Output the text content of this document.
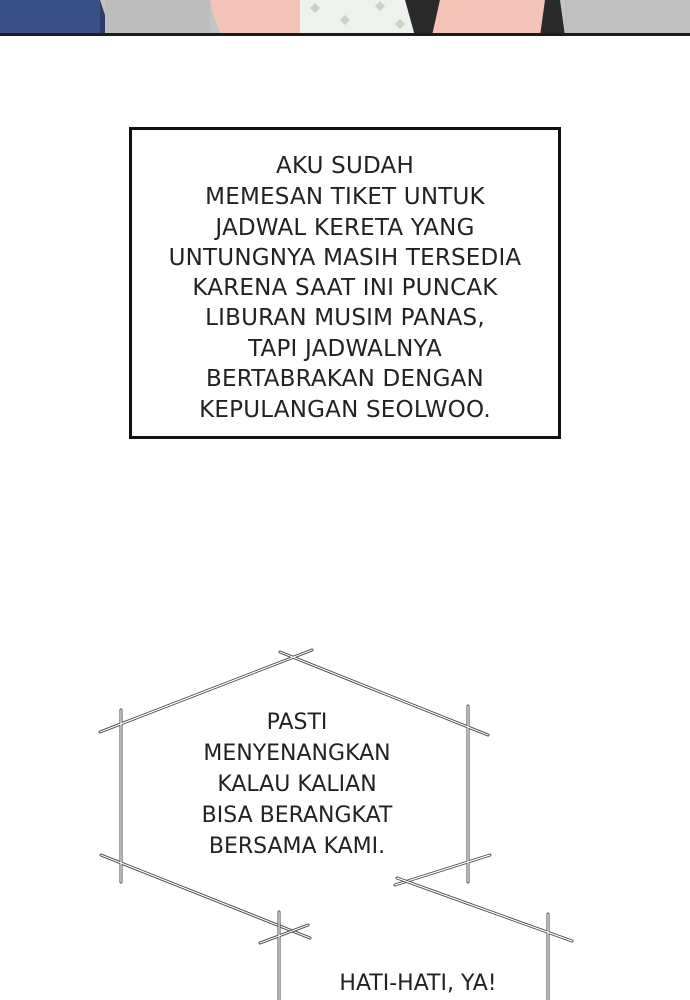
AKU SUDAH
MEMESAN TIKET UNTUK
JADWAL KERETA YANG
UNTUNGNYA MASIH TERSEDIA
KARENA SAAT INI PUNCAK
LIBURAN MUSIM PANAS,
TAPI JADWALNYA
BERTABRAKAN DENGAN
KEPULANGAN SEOLWOO.
PASTI
MENYENANGKAN
KALAU KALIAN
BISA BERANGKAT
BERSAMA KAMI.
HATI-HATI, YA!
